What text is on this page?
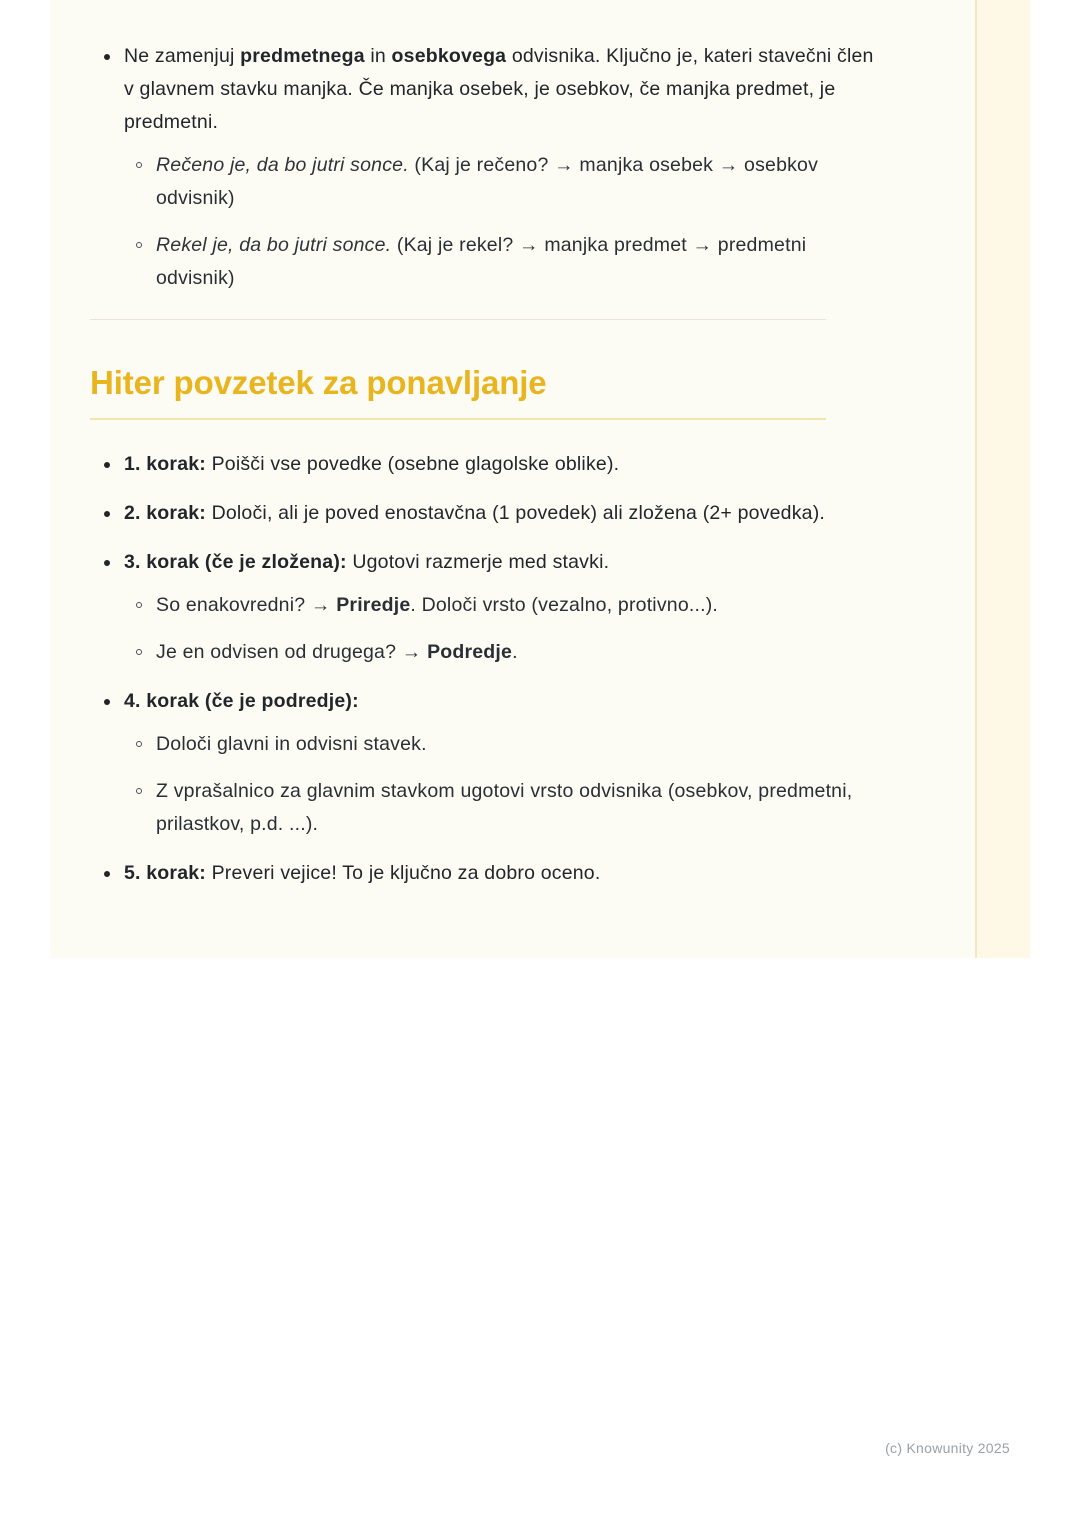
Ne zamenjuj predmetnega in osebkovega odvisnika. Ključno je, kateri stavečni člen v glavnem stavku manjka. Če manjka osebek, je osebkov, če manjka predmet, je predmetni.
Rečeno je, da bo jutri sonce. (Kaj je rečeno? → manjka osebek → osebkov odvisnik)
Rekel je, da bo jutri sonce. (Kaj je rekel? → manjka predmet → predmetni odvisnik)
Hiter povzetek za ponavljanje
1. korak: Poišči vse povedke (osebne glagolske oblike).
2. korak: Določi, ali je poved enostavčna (1 povedek) ali zložena (2+ povedka).
3. korak (če je zložena): Ugotovi razmerje med stavki.
So enakovredni? → Priredje. Določi vrsto (vezalno, protivno...).
Je en odvisen od drugega? → Podredje.
4. korak (če je podredje):
Določi glavni in odvisni stavek.
Z vprašalnico za glavnim stavkom ugotovi vrsto odvisnika (osebkov, predmetni, prilastkov, p.d. ...).
5. korak: Preveri vejice! To je ključno za dobro oceno.
(c) Knowunity 2025
